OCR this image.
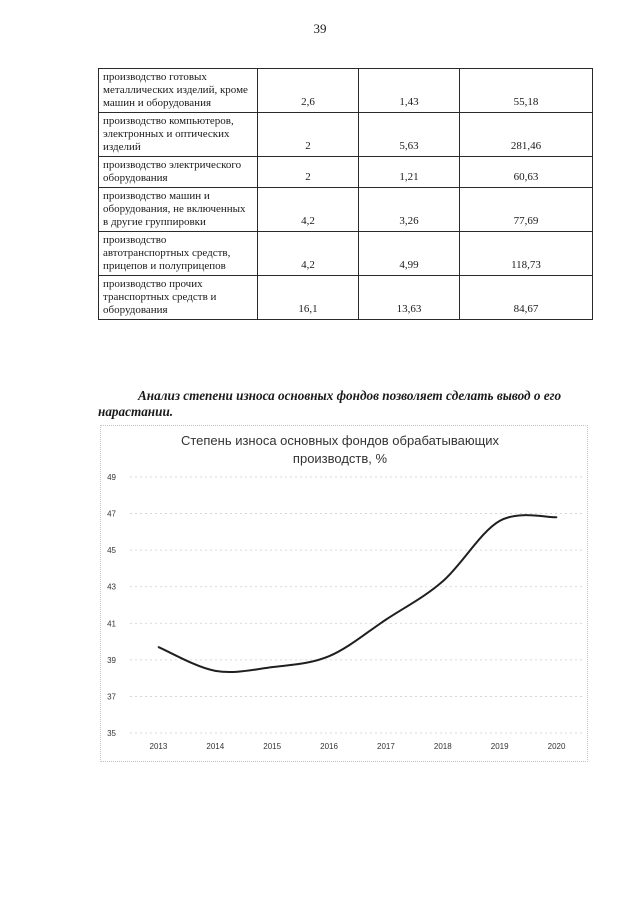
39
производство готовых металлических изделий, кроме машин и оборудования	2,6	1,43	55,18
производство компьютеров, электронных и оптических изделий	2	5,63	281,46
производство электрического оборудования	2	1,21	60,63
производство машин и оборудования, не включенных в другие группировки	4,2	3,26	77,69
производство автотранспортных средств, прицепов и полуприцепов	4,2	4,99	118,73
производство прочих транспортных средств и оборудования	16,1	13,63	84,67
Анализ степени износа основных фондов позволяет сделать вывод о его нарастании.
Степень износа основных фондов обрабатывающих
производств, %
35
37
39
41
43
45
47
49
2013	2014	2015	2016	2017	2018	2019	2020
